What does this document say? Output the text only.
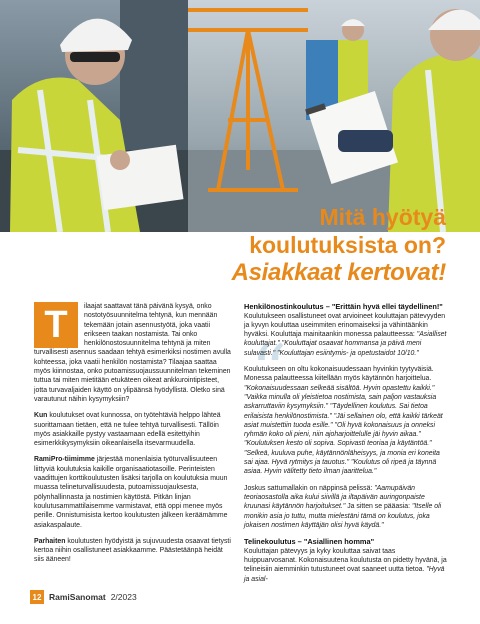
Mitä hyötyä
koulutuksista on?
Asiakkaat kertovat!
“

T	ilaajat saattavat tänä päivänä kysyä, onko nostotyösuunnitelma tehtynä, kun mennään tekemään jotain asennustyötä, joka vaatii erikseen taakan nostamista. Tai onko henkilönostosuunnitelma tehtynä ja miten turvallisesti asennus saadaan tehtyä esimerkiksi nostimen avulla kohteessa, joka vaatii henkilön nostamista? Tilaajaa saattaa myös kiinnostaa, onko putoamissuojaussuunnitelman tekeminen tuttua tai miten mietitään etukäteen oikeat ankkurointipisteet, jotta turvavaljaiden käyttö on ylipäänsä hyödyllistä. Oletko sinä varautunut näihin kysymyksiin?

Kun koulutukset ovat kunnossa, on työtehtäviä helppo lähteä suorittamaan tietäen, että ne tulee tehtyä turvallisesti. Tällöin myös asiakkaille pystyy vastaamaan edellä esitettyihin esimerkkikysymyksiin oikeanlaisella itsevarmuudella.

RamiPro-tiimimme järjestää monenlaisia työturvallisuuteen liittyviä koulutuksia kaikille organisaatiotasoille. Perinteisten vaadittujen korttikoulutusten lisäksi tarjolla on koulutuksia muun muassa telineturvallisuudesta, putoamissuojauksesta, pölynhallinnasta ja nostimien käytöstä. Pitkän linjan koulutusammattilaisemme varmistavat, että oppi menee myös perille. Onnistumisista kertoo koulutusten jälkeen keräämämme asiakaspalaute.

Parhaiten koulutusten hyödyistä ja sujuvuudesta osaavat tietysti kertoa niihin osallistuneet asiakkaamme. Päästetäänpä heidät siis ääneen!

Henkilönostinkoulutus – "Erittäin hyvä ellei täydellinen!"

Koulutukseen osallistuneet ovat arvioineet kouluttajan pätevyyden ja kyvyn kouluttaa useimmiten erinomaiseksi ja vähintäänkin hyväksi. Kouluttaja mainitaankin monessa palautteessa: "Asialliset kouluttajat." "Kouluttajat osaavat hommansa ja päivä meni sulavasti." "Kouluttajan esiintymis- ja opetustaidot 10/10."

Koulutukseen on oltu kokonaisuudessaan hyvinkin tyytyväisiä. Monessa palautteessa kiitellään myös käytännön harjoittelua. "Kokonaisuudessaan selkeää sisältöä. Hyvin opastettu kaikki." "Vaikka minulla oli yleistietoa nostimista, sain paljon vastauksia askarruttaviin kysymyksiin." "Täydellinen koulutus. Sai tietoa erilaisista henkilönostimista." "Jäi sellainen olo, että kaikki tärkeät asiat muistettiin tuoda esille." "Oli hyvä kokonaisuus ja onneksi ryhmän koko oli pieni, niin ajoharjoittelulle jäi hyvin aikaa." "Koulutuksen kesto oli sopiva. Sopivasti teoriaa ja käytäntöä." "Selkeä, kuuluva puhe, käytännönläheisyys, ja monia eri koneita sai ajaa. Hyvä rytmitys ja tauotus." "Koulutus oli ripeä ja täynnä asiaa. Hyvin välitetty tieto ilman jaarittelua."

Joskus sattumallakin on näppinsä pelissä: "Aamupäivän teoriaosastolla aika kului siivillä ja iltapäivän auringonpaiste kruunasi käytännön harjoitukset." Ja sitten se pääasia: "Itselle oli monikin asia jo tuttu, mutta mielestäni tämä on koulutus, joka jokaisen nostimen käyttäjän olisi hyvä käydä."

Telinekoulutus – "Asiallinen homma"

Kouluttajan pätevyys ja kyky kouluttaa saivat taas huippuarvosanat. Kokonaisuutena koulutusta on pidetty hyvänä, ja telineisiin aiemminkin tutustuneet ovat saaneet uutta tietoa. "Hyvä ja asial-

12 RamiSanomat 2/2023
